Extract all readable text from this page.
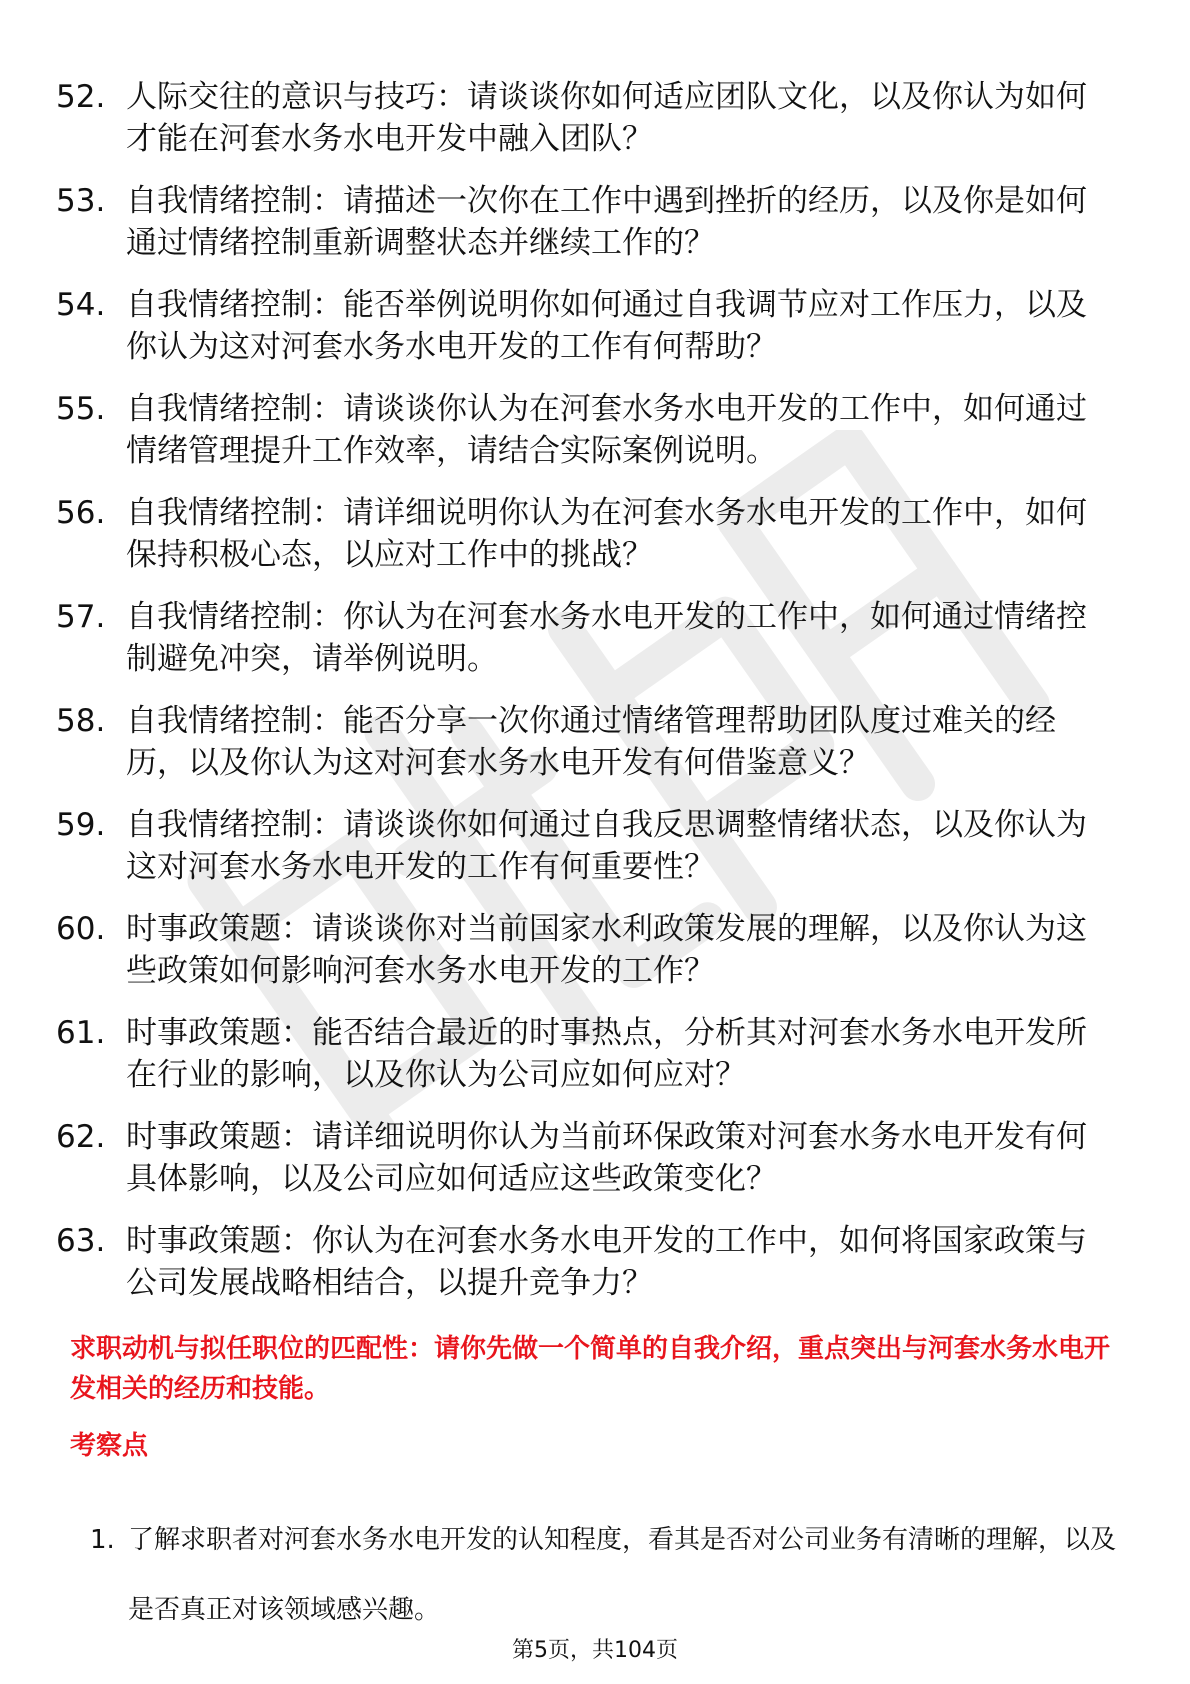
52. 人际交往的意识与技巧：请谈谈你如何适应团队文化，以及你认为如何才能在河套水务水电开发中融入团队？
53. 自我情绪控制：请描述一次你在工作中遇到挫折的经历，以及你是如何通过情绪控制重新调整状态并继续工作的？
54. 自我情绪控制：能否举例说明你如何通过自我调节应对工作压力，以及你认为这对河套水务水电开发的工作有何帮助？
55. 自我情绪控制：请谈谈你认为在河套水务水电开发的工作中，如何通过情绪管理提升工作效率，请结合实际案例说明。
56. 自我情绪控制：请详细说明你认为在河套水务水电开发的工作中，如何保持积极心态，以应对工作中的挑战？
57. 自我情绪控制：你认为在河套水务水电开发的工作中，如何通过情绪控制避免冲突，请举例说明。
58. 自我情绪控制：能否分享一次你通过情绪管理帮助团队度过难关的经历，以及你认为这对河套水务水电开发有何借鉴意义？
59. 自我情绪控制：请谈谈你如何通过自我反思调整情绪状态，以及你认为这对河套水务水电开发的工作有何重要性？
60. 时事政策题：请谈谈你对当前国家水利政策发展的理解，以及你认为这些政策如何影响河套水务水电开发的工作？
61. 时事政策题：能否结合最近的时事热点，分析其对河套水务水电开发所在行业的影响，以及你认为公司应如何应对？
62. 时事政策题：请详细说明你认为当前环保政策对河套水务水电开发有何具体影响，以及公司应如何适应这些政策变化？
63. 时事政策题：你认为在河套水务水电开发的工作中，如何将国家政策与公司发展战略相结合，以提升竞争力？

求职动机与拟任职位的匹配性：请你先做一个简单的自我介绍，重点突出与河套水务水电开发相关的经历和技能。

考察点

1. 了解求职者对河套水务水电开发的认知程度，看其是否对公司业务有清晰的理解，以及是否真正对该领域感兴趣。

第5页，共104页
